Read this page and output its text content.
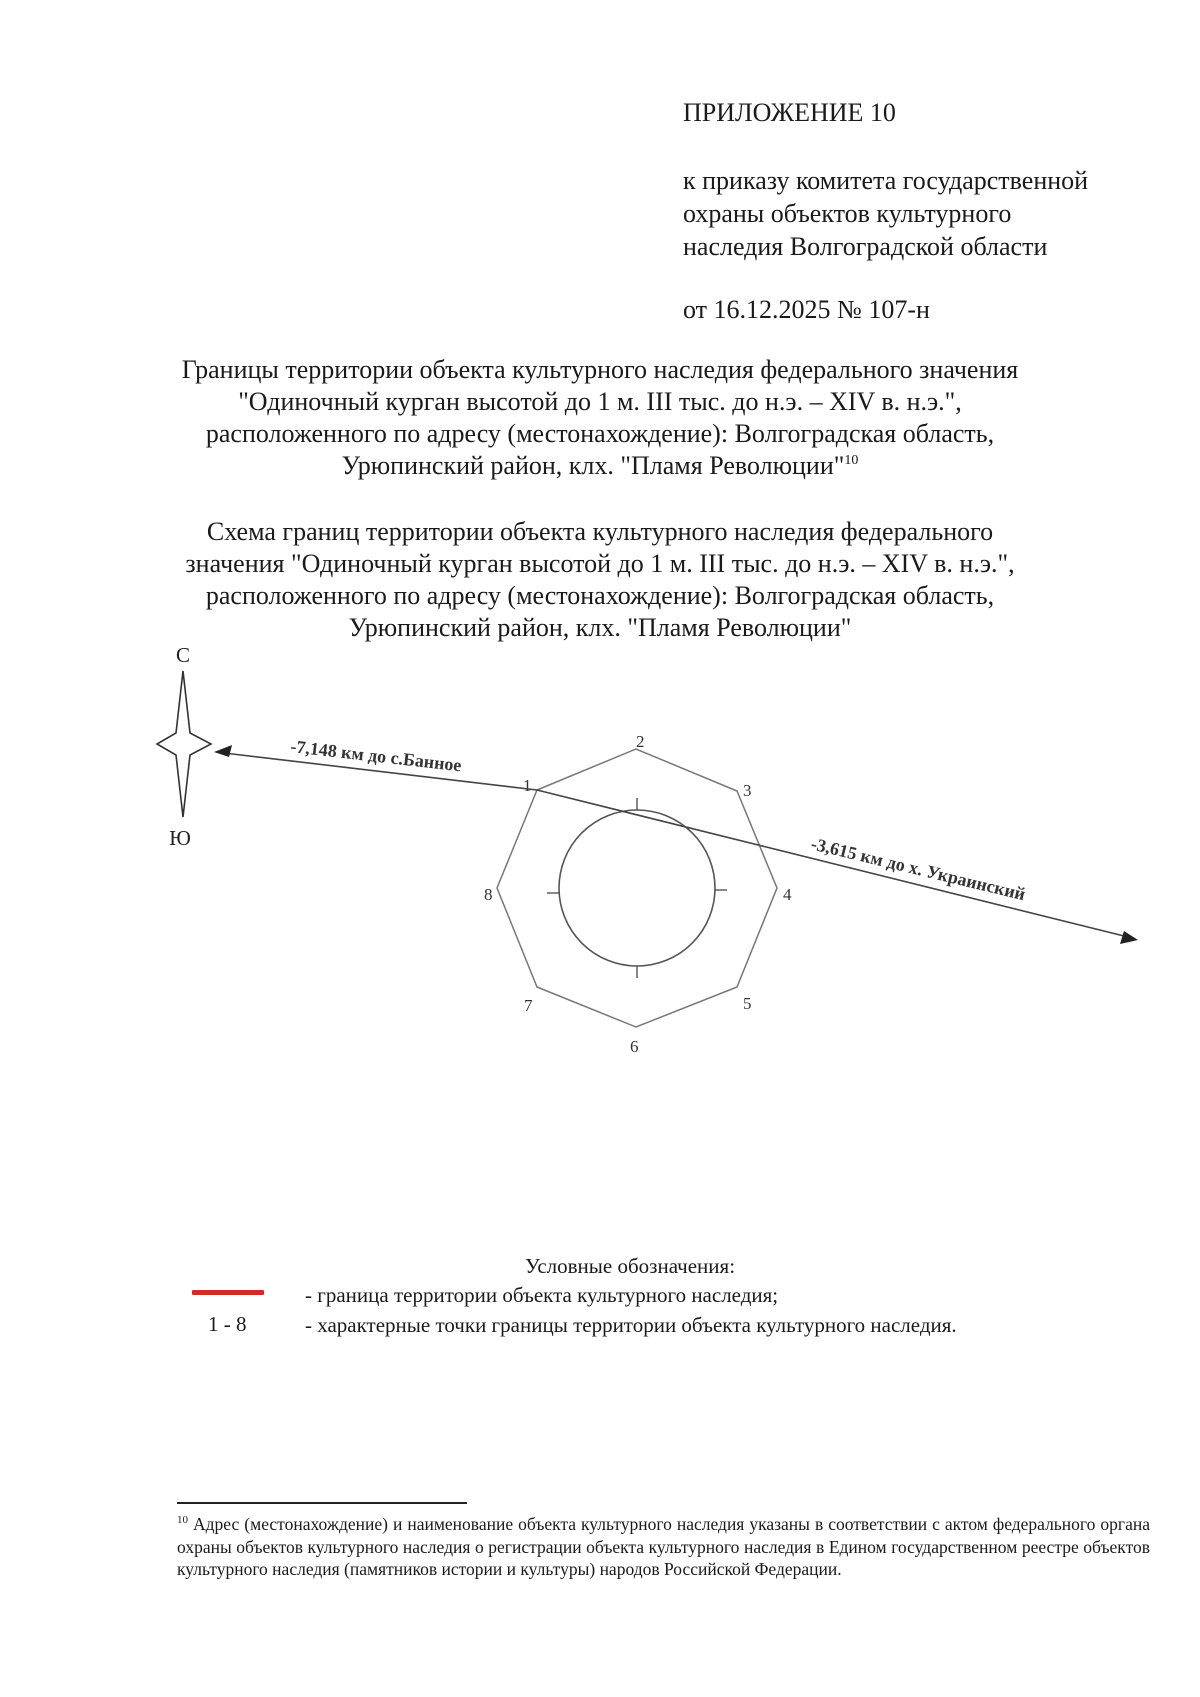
ПРИЛОЖЕНИЕ 10
к приказу комитета государственной
охраны объектов культурного
наследия Волгоградской области
от 16.12.2025 № 107-н
Границы территории объекта культурного наследия федерального значения
"Одиночный курган высотой до 1 м. III тыс. до н.э. – XIV в. н.э.",
расположенного по адресу (местонахождение): Волгоградская область,
Урюпинский район, клх. "Пламя Революции"$^{10}$
Схема границ территории объекта культурного наследия федерального
значения "Одиночный курган высотой до 1 м. III тыс. до н.э. – XIV в. н.э.",
расположенного по адресу (местонахождение): Волгоградская область,
Урюпинский район, клх. "Пламя Революции"
С
Ю
-7,148 км до с.Банное
-3,615 км до х. Украинский
1
2
3
4
5
6
7
8
Условные обозначения:
- граница территории объекта культурного наследия;
1 - 8	- характерные точки границы территории объекта культурного наследия.
$^{10}$ Адрес (местонахождение) и наименование объекта культурного наследия указаны в соответствии с актом федерального органа охраны объектов культурного наследия о регистрации объекта культурного наследия в Едином государственном реестре объектов культурного наследия (памятников истории и культуры) народов Российской Федерации.
